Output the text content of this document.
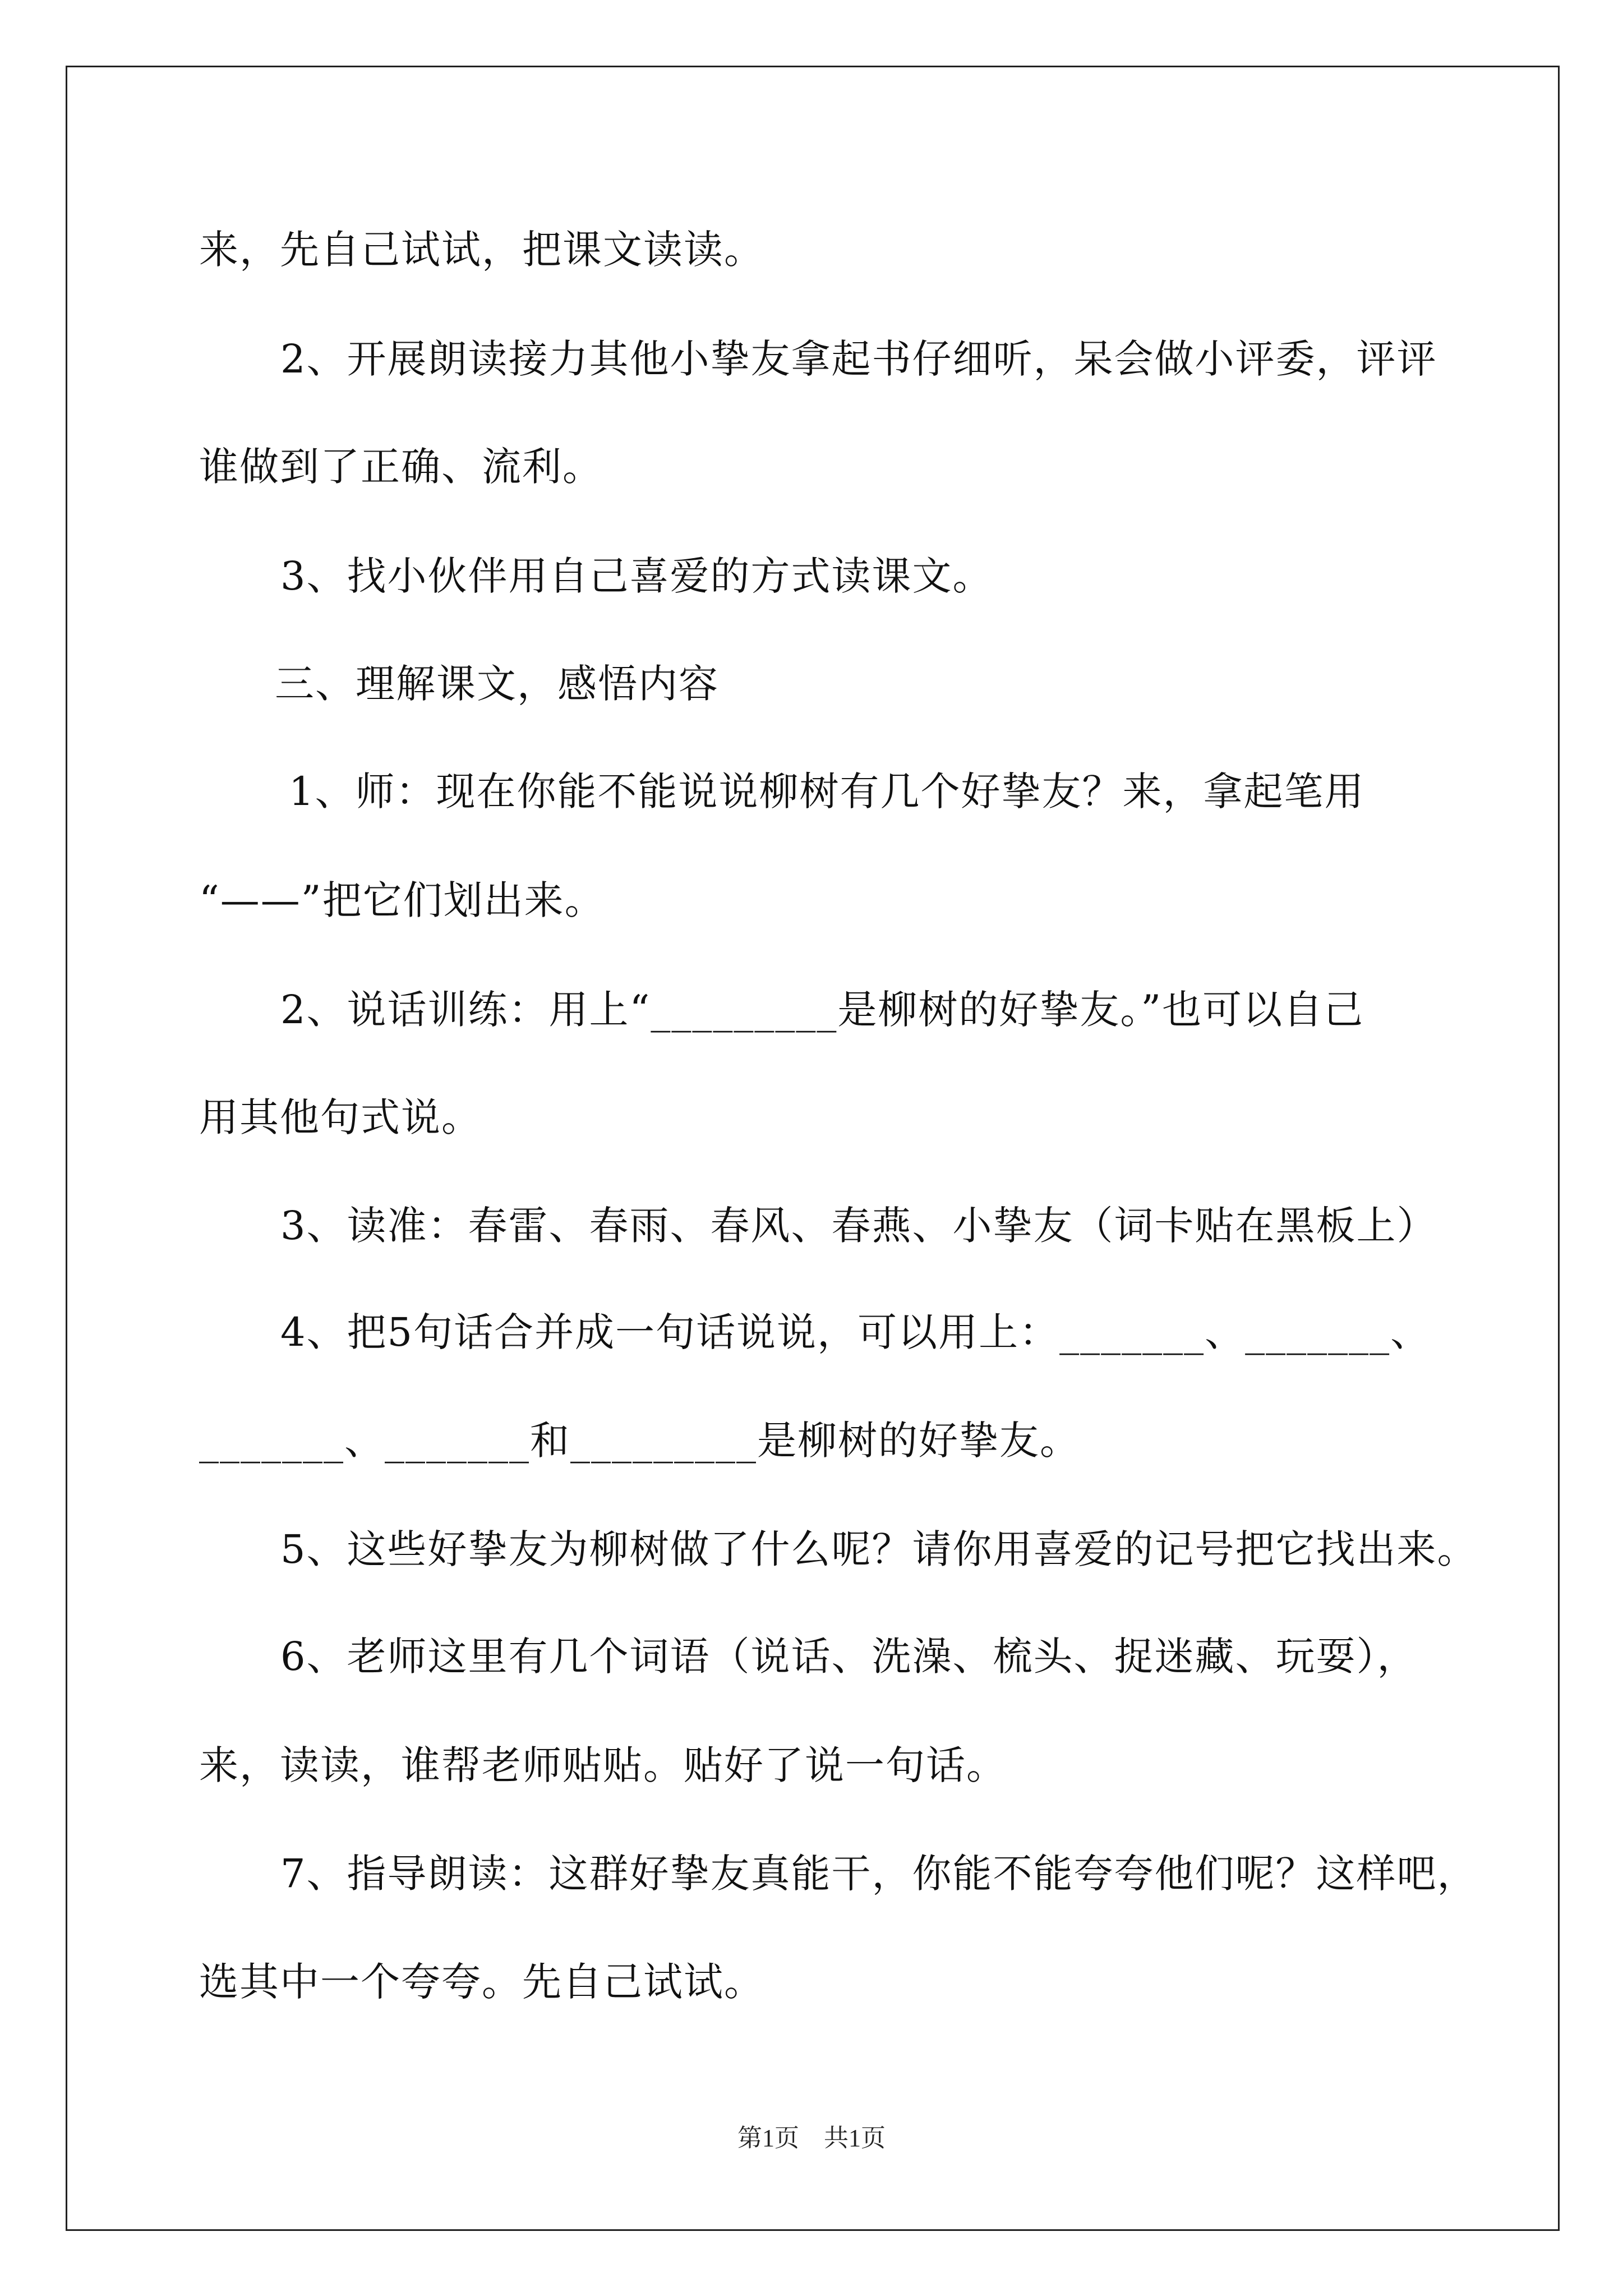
来，先自己试试，把课文读读。
2、开展朗读接力其他小挚友拿起书仔细听，呆会做小评委，评评
谁做到了正确、流利。
3、找小伙伴用自己喜爱的方式读课文。
三、理解课文，感悟内容
1、师：现在你能不能说说柳树有几个好挚友？来，拿起笔用
“——”把它们划出来。
2、说话训练：用上“_________是柳树的好挚友。”也可以自己
用其他句式说。
3、读准：春雷、春雨、春风、春燕、小挚友（词卡贴在黑板上）
4、把5句话合并成一句话说说，可以用上：_______、_______、
_______、_______和_________是柳树的好挚友。
5、这些好挚友为柳树做了什么呢？请你用喜爱的记号把它找出来。
6、老师这里有几个词语（说话、洗澡、梳头、捉迷藏、玩耍），
来，读读，谁帮老师贴贴。贴好了说一句话。
7、指导朗读：这群好挚友真能干，你能不能夸夸他们呢？这样吧，
选其中一个夸夸。先自己试试。
第1页　共1页
